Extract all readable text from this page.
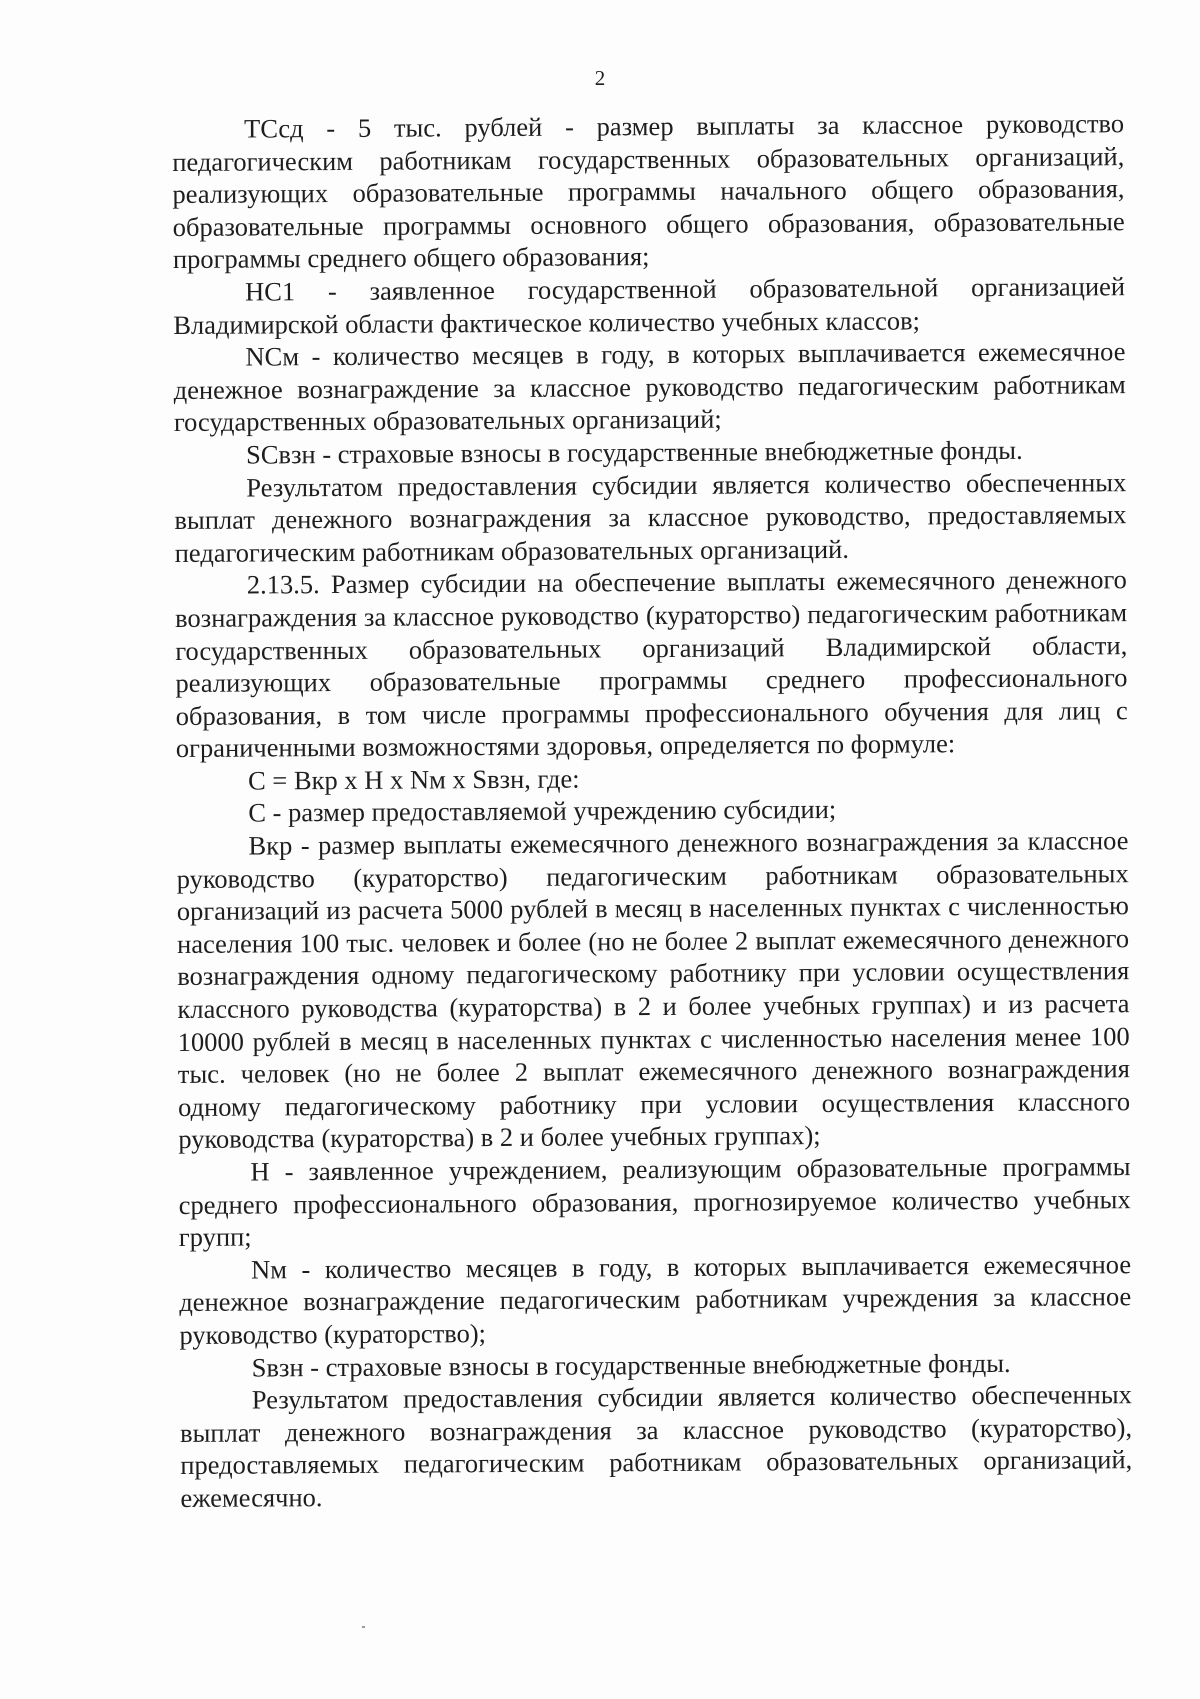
2

ТСсд - 5 тыс. рублей - размер выплаты за классное руководство педагогическим работникам государственных образовательных организаций, реализующих образовательные программы начального общего образования, образовательные программы основного общего образования, образовательные программы среднего общего образования;

НС1 - заявленное государственной образовательной организацией Владимирской области фактическое количество учебных классов;

NСм - количество месяцев в году, в которых выплачивается ежемесячное денежное вознаграждение за классное руководство педагогическим работникам государственных образовательных организаций;

SСвзн - страховые взносы в государственные внебюджетные фонды.

Результатом предоставления субсидии является количество обеспеченных выплат денежного вознаграждения за классное руководство, предоставляемых педагогическим работникам образовательных организаций.

2.13.5. Размер субсидии на обеспечение выплаты ежемесячного денежного вознаграждения за классное руководство (кураторство) педагогическим работникам государственных образовательных организаций Владимирской области, реализующих образовательные программы среднего профессионального образования, в том числе программы профессионального обучения для лиц с ограниченными возможностями здоровья, определяется по формуле:

С = Вкр х Н х Nм х Sвзн, где:

С - размер предоставляемой учреждению субсидии;

Вкр - размер выплаты ежемесячного денежного вознаграждения за классное руководство (кураторство) педагогическим работникам образовательных организаций из расчета 5000 рублей в месяц в населенных пунктах с численностью населения 100 тыс. человек и более (но не более 2 выплат ежемесячного денежного вознаграждения одному педагогическому работнику при условии осуществления классного руководства (кураторства) в 2 и более учебных группах) и из расчета 10000 рублей в месяц в населенных пунктах с численностью населения менее 100 тыс. человек (но не более 2 выплат ежемесячного денежного вознаграждения одному педагогическому работнику при условии осуществления классного руководства (кураторства) в 2 и более учебных группах);

Н - заявленное учреждением, реализующим образовательные программы среднего профессионального образования, прогнозируемое количество учебных групп;

Nм - количество месяцев в году, в которых выплачивается ежемесячное денежное вознаграждение педагогическим работникам учреждения за классное руководство (кураторство);

Sвзн - страховые взносы в государственные внебюджетные фонды.

Результатом предоставления субсидии является количество обеспеченных выплат денежного вознаграждения за классное руководство (кураторство), предоставляемых педагогическим работникам образовательных организаций, ежемесячно.
